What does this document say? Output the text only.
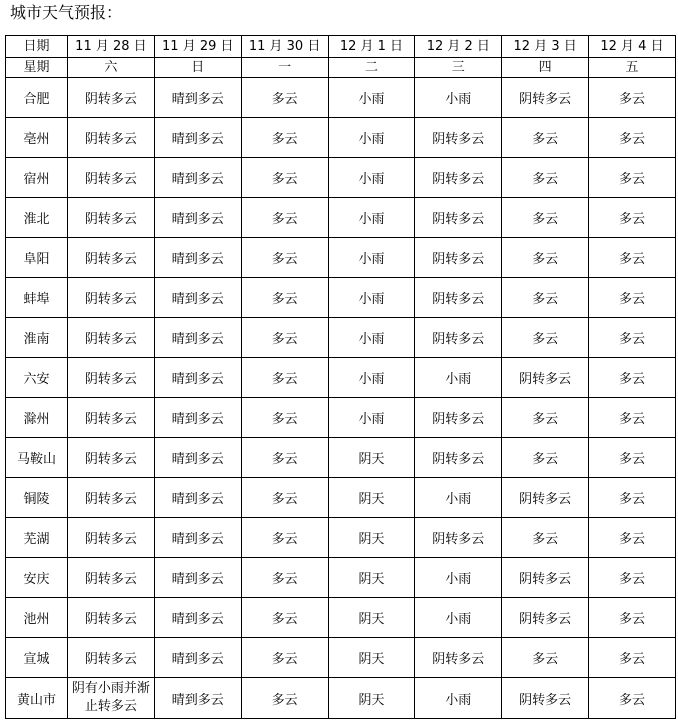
城市天气预报：
日期	11 月 28 日	11 月 29 日	11 月 30 日	12 月 1 日	12 月 2 日	12 月 3 日	12 月 4 日
星期	六	日	一	二	三	四	五
合肥	阴转多云	晴到多云	多云	小雨	小雨	阴转多云	多云
亳州	阴转多云	晴到多云	多云	小雨	阴转多云	多云	多云
宿州	阴转多云	晴到多云	多云	小雨	阴转多云	多云	多云
淮北	阴转多云	晴到多云	多云	小雨	阴转多云	多云	多云
阜阳	阴转多云	晴到多云	多云	小雨	阴转多云	多云	多云
蚌埠	阴转多云	晴到多云	多云	小雨	阴转多云	多云	多云
淮南	阴转多云	晴到多云	多云	小雨	阴转多云	多云	多云
六安	阴转多云	晴到多云	多云	小雨	小雨	阴转多云	多云
滁州	阴转多云	晴到多云	多云	小雨	阴转多云	多云	多云
马鞍山	阴转多云	晴到多云	多云	阴天	阴转多云	多云	多云
铜陵	阴转多云	晴到多云	多云	阴天	小雨	阴转多云	多云
芜湖	阴转多云	晴到多云	多云	阴天	阴转多云	多云	多云
安庆	阴转多云	晴到多云	多云	阴天	小雨	阴转多云	多云
池州	阴转多云	晴到多云	多云	阴天	小雨	阴转多云	多云
宣城	阴转多云	晴到多云	多云	阴天	阴转多云	多云	多云
黄山市	阴有小雨并渐止转多云	晴到多云	多云	阴天	小雨	阴转多云	多云
